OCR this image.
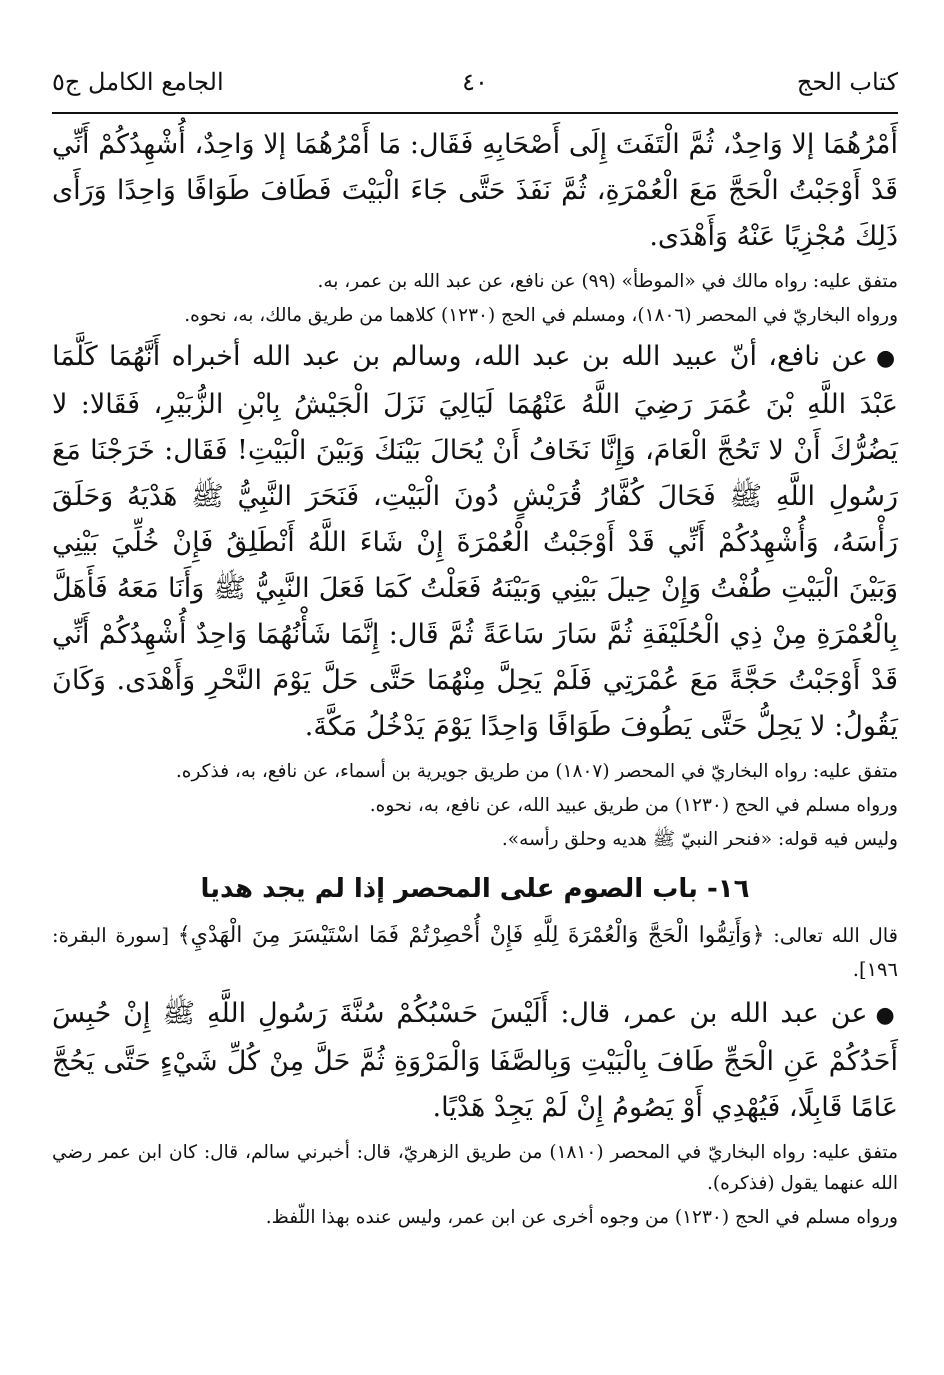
كتاب الحج
٤٠
الجامع الكامل ج٥

أَمْرُهُمَا إلا وَاحِدٌ، ثُمَّ الْتَفَتَ إِلَى أَصْحَابِهِ فَقَال: مَا أَمْرُهُمَا إلا وَاحِدٌ، أُشْهِدُكُمْ أَنِّي قَدْ أَوْجَبْتُ الْحَجَّ مَعَ الْعُمْرَةِ، ثُمَّ نَفَذَ حَتَّى جَاءَ الْبَيْتَ فَطَافَ طَوَافًا وَاحِدًا وَرَأَى ذَلِكَ مُجْزِيًا عَنْهُ وَأَهْدَى.

متفق عليه: رواه مالك في «الموطأ» (٩٩) عن نافع، عن عبد الله بن عمر، به.

ورواه البخاريّ في المحصر (١٨٠٦)، ومسلم في الحج (١٢٣٠) كلاهما من طريق مالك، به، نحوه.

●عن نافع، أنّ عبيد الله بن عبد الله، وسالم بن عبد الله أخبراه أَنَّهُمَا كَلَّمَا عَبْدَ اللَّهِ بْنَ عُمَرَ رَضِيَ اللَّهُ عَنْهُمَا لَيَالِيَ نَزَلَ الْجَيْشُ بِابْنِ الزُّبَيْرِ، فَقَالا: لا يَضُرُّكَ أَنْ لا تَحُجَّ الْعَامَ، وَإِنَّا نَخَافُ أَنْ يُحَالَ بَيْنَكَ وَبَيْنَ الْبَيْتِ! فَقَال: خَرَجْنَا مَعَ رَسُولِ اللَّهِ ﷺ فَحَالَ كُفَّارُ قُرَيْشٍ دُونَ الْبَيْتِ، فَنَحَرَ النَّبِيُّ ﷺ هَدْيَهُ وَحَلَقَ رَأْسَهُ، وَأُشْهِدُكُمْ أَنِّي قَدْ أَوْجَبْتُ الْعُمْرَةَ إِنْ شَاءَ اللَّهُ أَنْطَلِقُ فَإِنْ خُلِّيَ بَيْنِي وَبَيْنَ الْبَيْتِ طُفْتُ وَإِنْ حِيلَ بَيْنِي وَبَيْنَهُ فَعَلْتُ كَمَا فَعَلَ النَّبِيُّ ﷺ وَأَنَا مَعَهُ فَأَهَلَّ بِالْعُمْرَةِ مِنْ ذِي الْحُلَيْفَةِ ثُمَّ سَارَ سَاعَةً ثُمَّ قَال: إِنَّمَا شَأْنُهُمَا وَاحِدٌ أُشْهِدُكُمْ أَنِّي قَدْ أَوْجَبْتُ حَجَّةً مَعَ عُمْرَتِي فَلَمْ يَحِلَّ مِنْهُمَا حَتَّى حَلَّ يَوْمَ النَّحْرِ وَأَهْدَى. وَكَانَ يَقُولُ: لا يَحِلُّ حَتَّى يَطُوفَ طَوَافًا وَاحِدًا يَوْمَ يَدْخُلُ مَكَّةَ.

متفق عليه: رواه البخاريّ في المحصر (١٨٠٧) من طريق جويرية بن أسماء، عن نافع، به، فذكره.

ورواه مسلم في الحج (١٢٣٠) من طريق عبيد الله، عن نافع، به، نحوه.

وليس فيه قوله: «فنحر النبيّ ﷺ هديه وحلق رأسه».

١٦- باب الصوم على المحصر إذا لم يجد هديا

قال الله تعالى: ﴿وَأَتِمُّوا الْحَجَّ وَالْعُمْرَةَ لِلَّهِ فَإِنْ أُحْصِرْتُمْ فَمَا اسْتَيْسَرَ مِنَ الْهَدْيِ﴾ [سورة البقرة: ١٩٦].

●عن عبد الله بن عمر، قال: أَلَيْسَ حَسْبُكُمْ سُنَّةَ رَسُولِ اللَّهِ ﷺ إِنْ حُبِسَ أَحَدُكُمْ عَنِ الْحَجِّ طَافَ بِالْبَيْتِ وَبِالصَّفَا وَالْمَرْوَةِ ثُمَّ حَلَّ مِنْ كُلِّ شَيْءٍ حَتَّى يَحُجَّ عَامًا قَابِلًا، فَيُهْدِي أَوْ يَصُومُ إِنْ لَمْ يَجِدْ هَدْيًا.

متفق عليه: رواه البخاريّ في المحصر (١٨١٠) من طريق الزهريّ، قال: أخبرني سالم، قال: كان ابن عمر رضي الله عنهما يقول (فذكره).

ورواه مسلم في الحج (١٢٣٠) من وجوه أخرى عن ابن عمر، وليس عنده بهذا اللّفظ.
